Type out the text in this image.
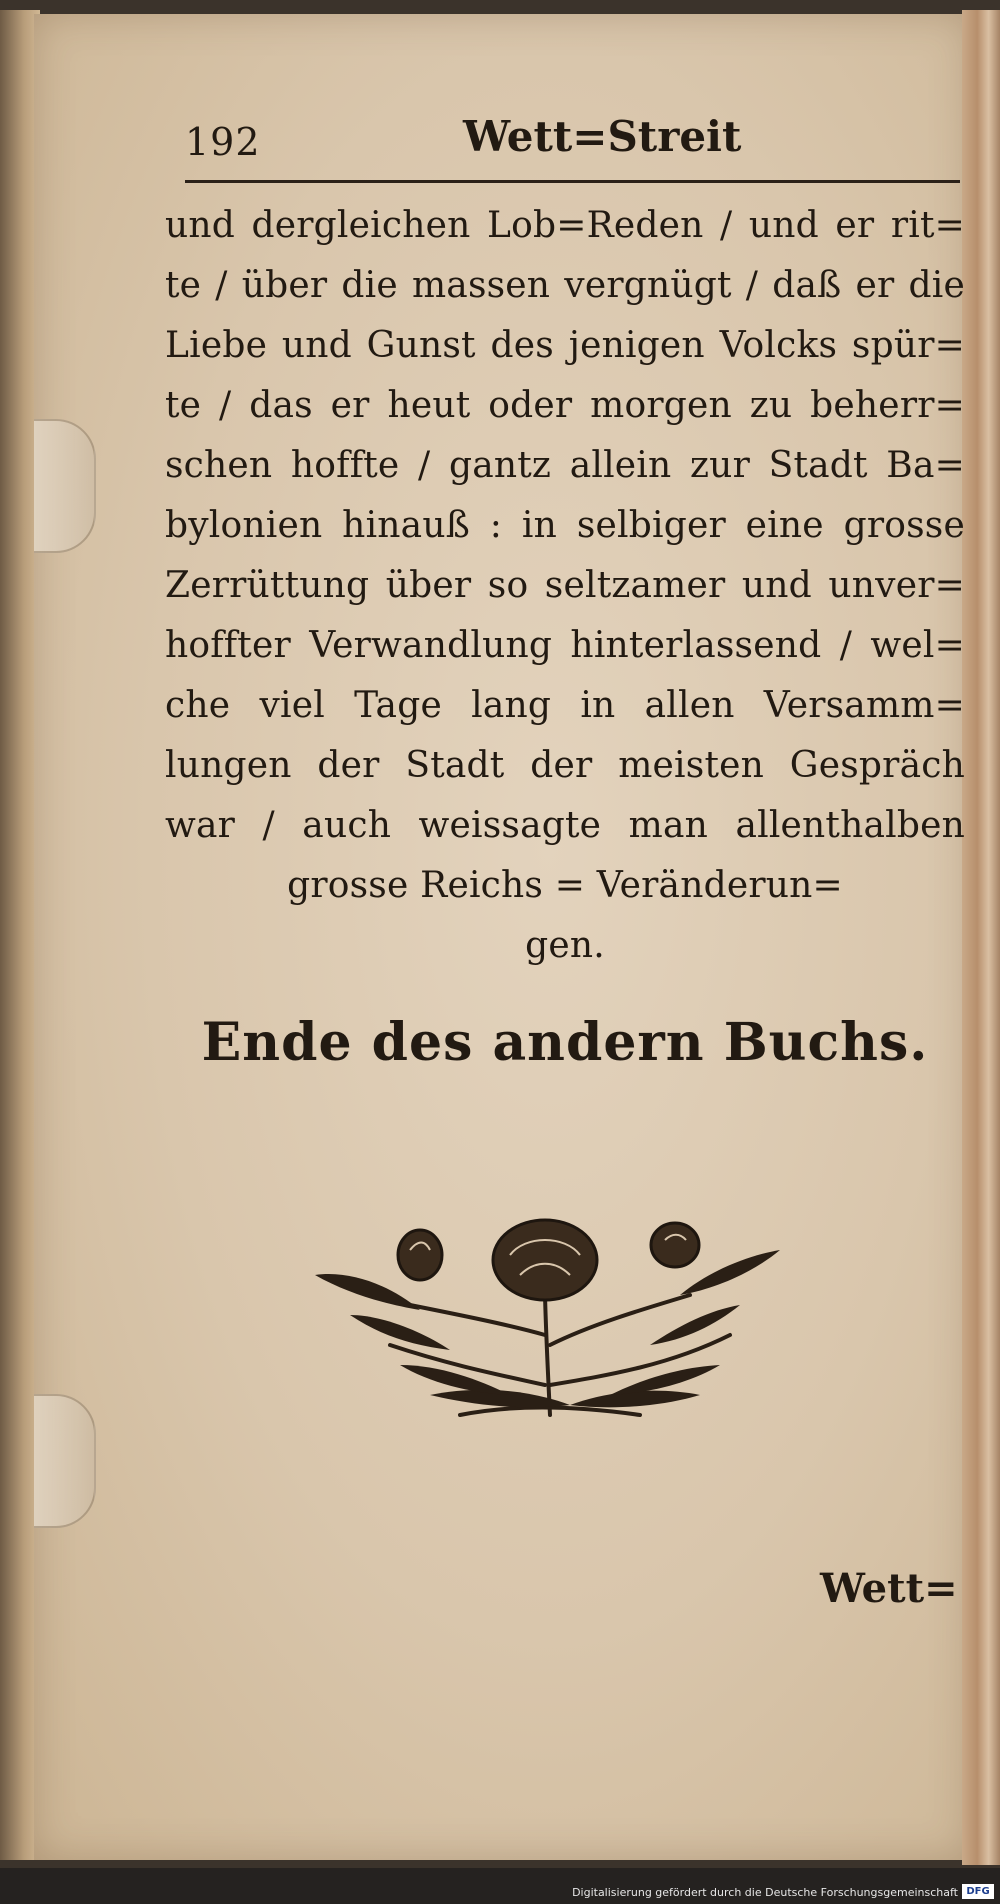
192	Wett=Streit
und dergleichen Lob=Reden / und er rit=
te / über die massen vergnügt / daß er die
Liebe und Gunst des jenigen Volcks spür=
te / das er heut oder morgen zu beherr=
schen hoffte / gantz allein zur Stadt Ba=
bylonien hinauß : in selbiger eine grosse
Zerrüttung über so seltzamer und unver=
hoffter Verwandlung hinterlassend / wel=
che viel Tage lang in allen Versamm=
lungen der Stadt der meisten Gespräch
war / auch weissagte man allenthalben
grosse Reichs = Veränderun=
gen.
Ende des andern Buchs.
Wett=
Digitalisierung gefördert durch die Deutsche Forschungsgemeinschaft DFG
